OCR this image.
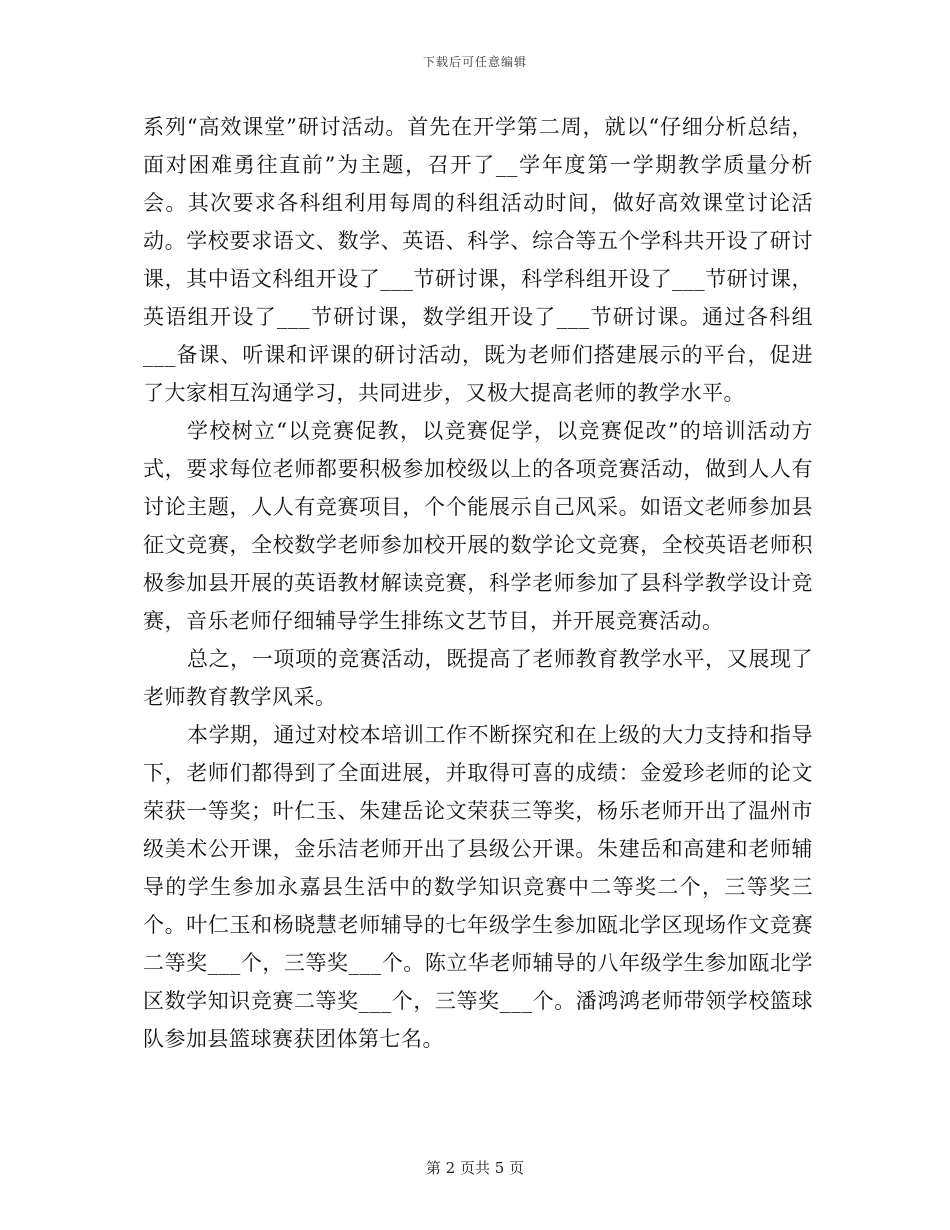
下载后可任意编辑

系列“高效课堂”研讨活动。首先在开学第二周，就以“仔细分析总结，面对困难勇往直前”为主题，召开了__学年度第一学期教学质量分析会。其次要求各科组利用每周的科组活动时间，做好高效课堂讨论活动。学校要求语文、数学、英语、科学、综合等五个学科共开设了研讨课，其中语文科组开设了___节研讨课，科学科组开设了___节研讨课，英语组开设了___节研讨课，数学组开设了___节研讨课。通过各科组___备课、听课和评课的研讨活动，既为老师们搭建展示的平台，促进了大家相互沟通学习，共同进步，又极大提高老师的教学水平。

学校树立“以竞赛促教，以竞赛促学，以竞赛促改”的培训活动方式，要求每位老师都要积极参加校级以上的各项竞赛活动，做到人人有讨论主题，人人有竞赛项目，个个能展示自己风采。如语文老师参加县征文竞赛，全校数学老师参加校开展的数学论文竞赛，全校英语老师积极参加县开展的英语教材解读竞赛，科学老师参加了县科学教学设计竞赛，音乐老师仔细辅导学生排练文艺节目，并开展竞赛活动。

总之，一项项的竞赛活动，既提高了老师教育教学水平，又展现了老师教育教学风采。

本学期，通过对校本培训工作不断探究和在上级的大力支持和指导下，老师们都得到了全面进展，并取得可喜的成绩：金爱珍老师的论文荣获一等奖；叶仁玉、朱建岳论文荣获三等奖，杨乐老师开出了温州市级美术公开课，金乐洁老师开出了县级公开课。朱建岳和高建和老师辅导的学生参加永嘉县生活中的数学知识竞赛中二等奖二个，三等奖三个。叶仁玉和杨晓慧老师辅导的七年级学生参加瓯北学区现场作文竞赛二等奖___个，三等奖___个。陈立华老师辅导的八年级学生参加瓯北学区数学知识竞赛二等奖___个，三等奖___个。潘鸿鸿老师带领学校篮球队参加县篮球赛获团体第七名。

第 2 页共 5 页
